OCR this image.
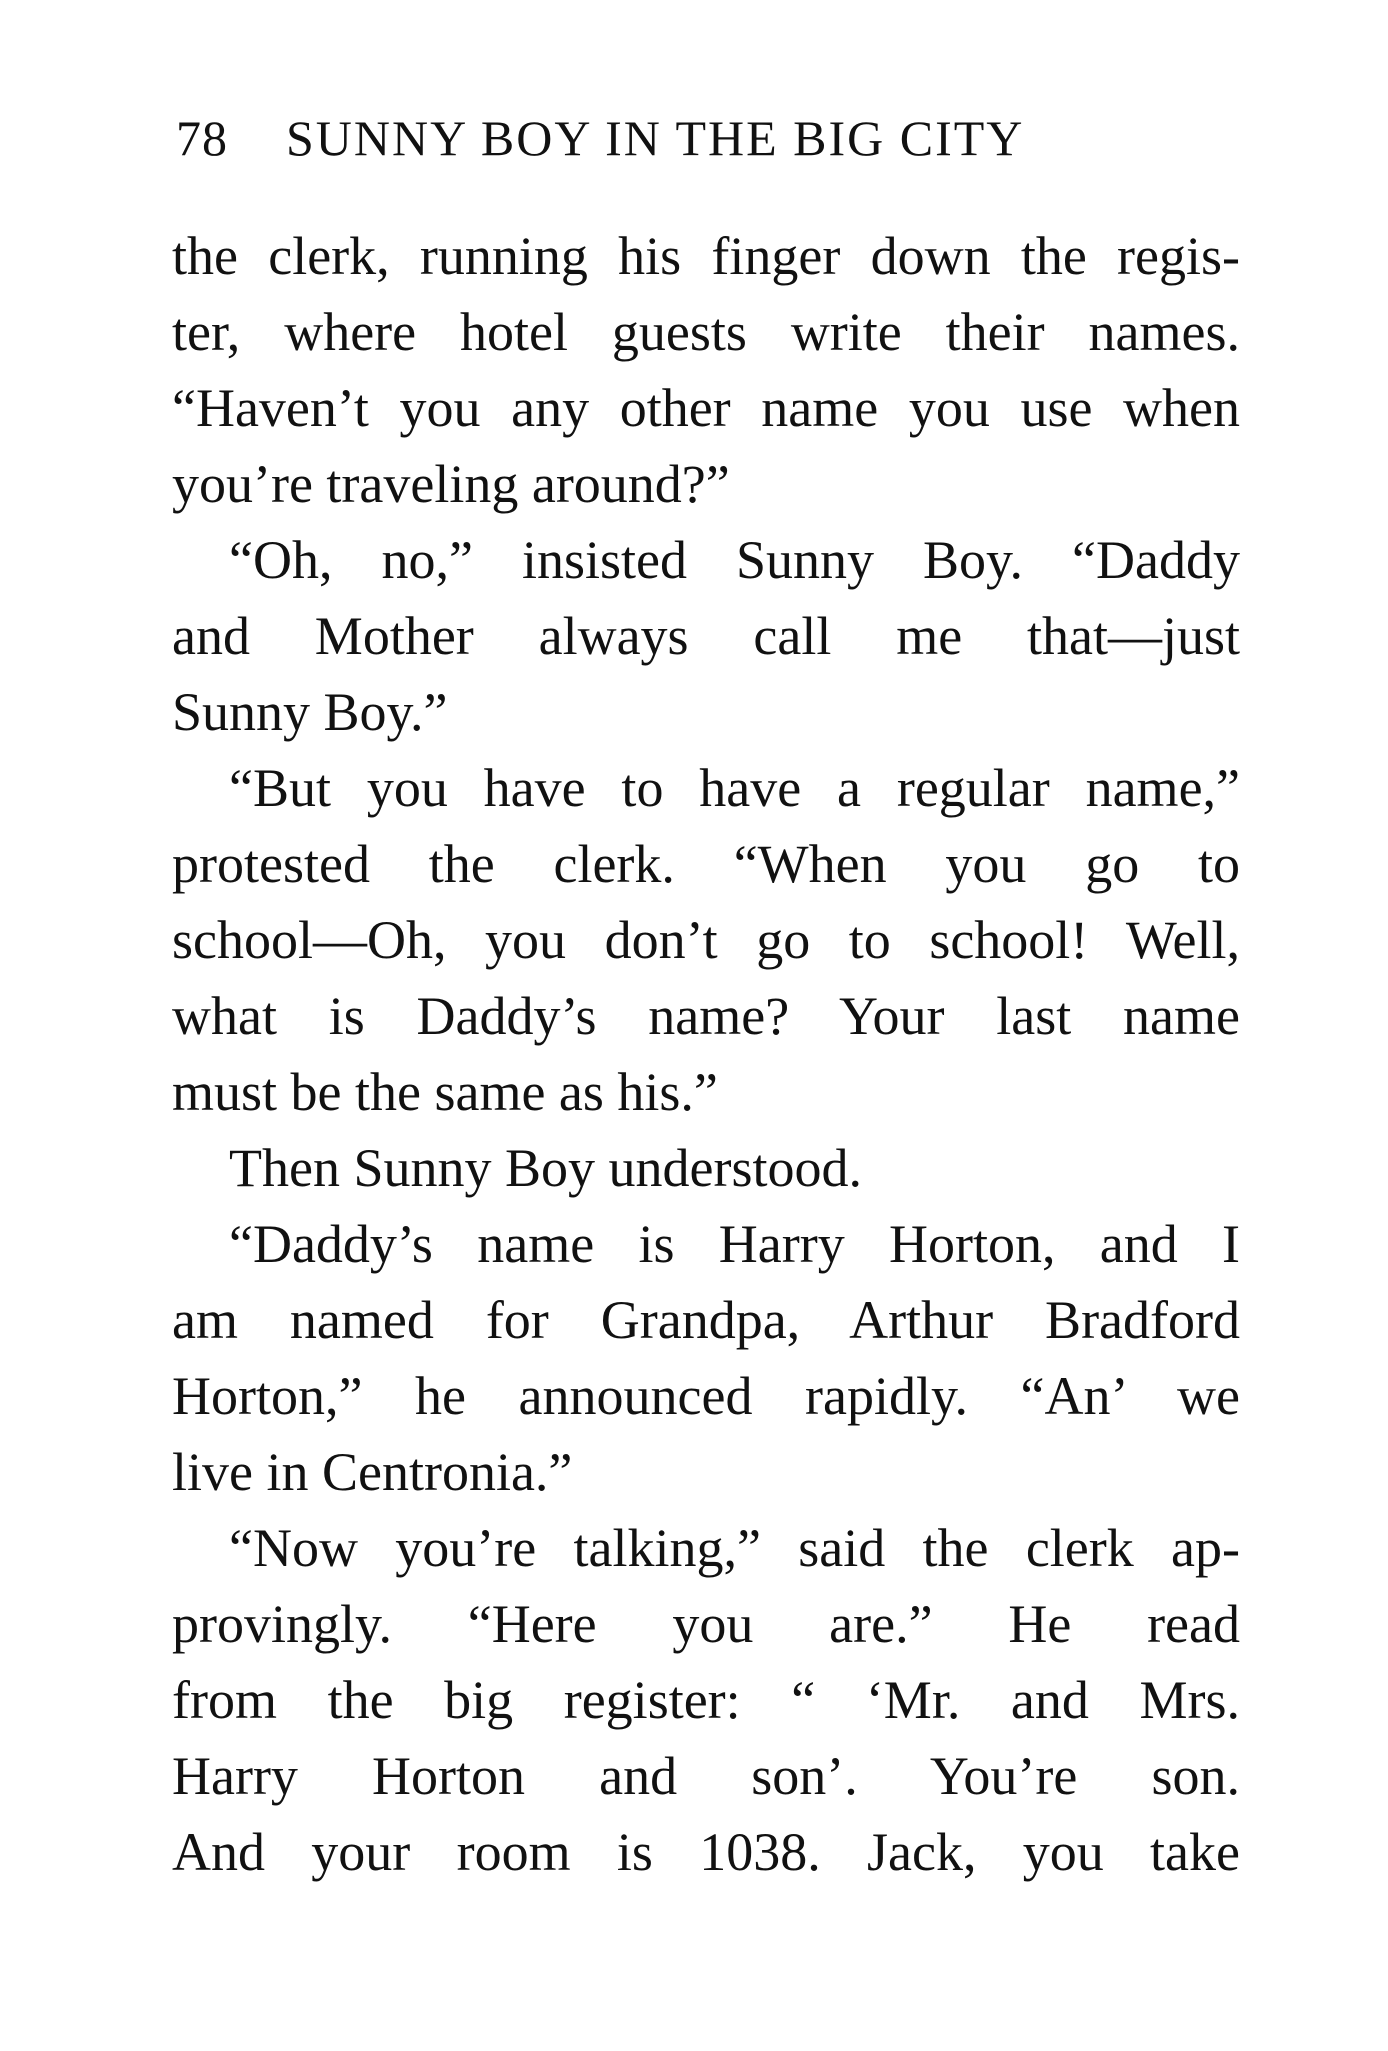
78 SUNNY BOY IN THE BIG CITY
the clerk, running his finger down the regis-
ter, where hotel guests write their names.
“Haven’t you any other name you use when
you’re traveling around?”
“Oh, no,” insisted Sunny Boy. “Daddy
and Mother always call me that—just
Sunny Boy.”
“But you have to have a regular name,”
protested the clerk. “When you go to
school—Oh, you don’t go to school! Well,
what is Daddy’s name? Your last name
must be the same as his.”
Then Sunny Boy understood.
“Daddy’s name is Harry Horton, and I
am named for Grandpa, Arthur Bradford
Horton,” he announced rapidly. “An’ we
live in Centronia.”
“Now you’re talking,” said the clerk ap-
provingly. “Here you are.” He read
from the big register: “ ‘Mr. and Mrs.
Harry Horton and son’. You’re son.
And your room is 1038. Jack, you take
